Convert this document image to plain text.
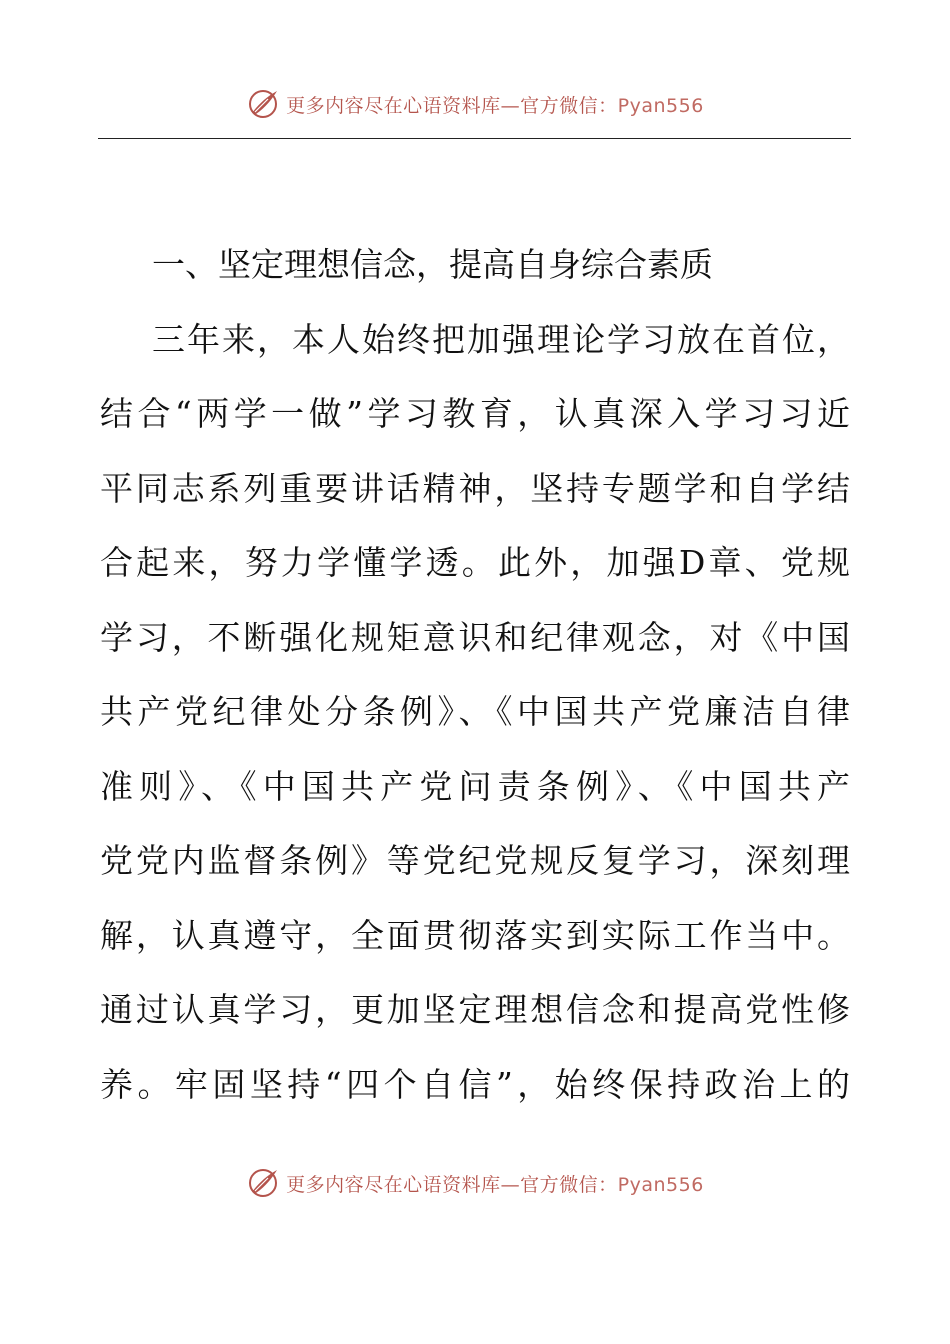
更多内容尽在心语资料库—官方微信：Pyan556
一、坚定理想信念，提高自身综合素质
三年来，本人始终把加强理论学习放在首位，
结合“两学一做”学习教育，认真深入学习习近
平同志系列重要讲话精神，坚持专题学和自学结
合起来，努力学懂学透。此外，加强D章、党规
学习，不断强化规矩意识和纪律观念，对《中国
共产党纪律处分条例》、《中国共产党廉洁自律
准则》、《中国共产党问责条例》、《中国共产
党党内监督条例》等党纪党规反复学习，深刻理
解，认真遵守，全面贯彻落实到实际工作当中。
通过认真学习，更加坚定理想信念和提高党性修
养。牢固坚持“四个自信”，始终保持政治上的
更多内容尽在心语资料库—官方微信：Pyan556
